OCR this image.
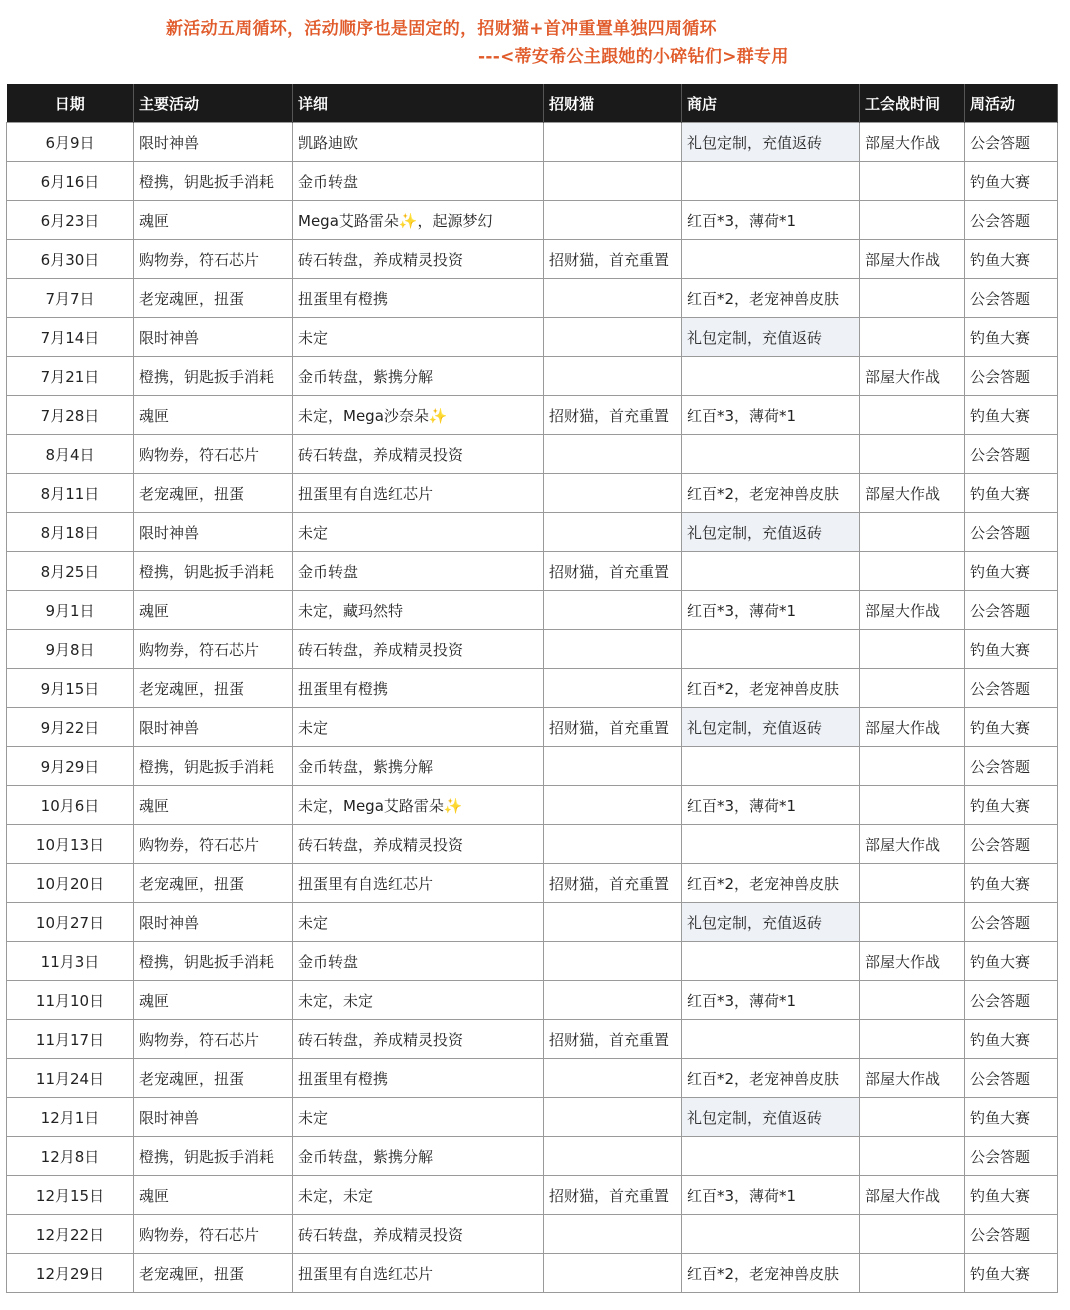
新活动五周循环，活动顺序也是固定的，招财猫+首冲重置单独四周循环
---<蒂安希公主跟她的小碎钻们>群专用
日期	主要活动	详细	招财猫	商店	工会战时间	周活动
6月9日	限时神兽	凯路迪欧		礼包定制，充值返砖	部屋大作战	公会答题
6月16日	橙携，钥匙扳手消耗	金币转盘				钓鱼大赛
6月23日	魂匣	Mega艾路雷朵✨，起源梦幻		红百*3，薄荷*1		公会答题
6月30日	购物券，符石芯片	砖石转盘，养成精灵投资	招财猫，首充重置		部屋大作战	钓鱼大赛
7月7日	老宠魂匣，扭蛋	扭蛋里有橙携		红百*2，老宠神兽皮肤		公会答题
7月14日	限时神兽	未定		礼包定制，充值返砖		钓鱼大赛
7月21日	橙携，钥匙扳手消耗	金币转盘，紫携分解			部屋大作战	公会答题
7月28日	魂匣	未定，Mega沙奈朵✨	招财猫，首充重置	红百*3，薄荷*1		钓鱼大赛
8月4日	购物券，符石芯片	砖石转盘，养成精灵投资				公会答题
8月11日	老宠魂匣，扭蛋	扭蛋里有自选红芯片		红百*2，老宠神兽皮肤	部屋大作战	钓鱼大赛
8月18日	限时神兽	未定		礼包定制，充值返砖		公会答题
8月25日	橙携，钥匙扳手消耗	金币转盘	招财猫，首充重置			钓鱼大赛
9月1日	魂匣	未定，藏玛然特		红百*3，薄荷*1	部屋大作战	公会答题
9月8日	购物券，符石芯片	砖石转盘，养成精灵投资				钓鱼大赛
9月15日	老宠魂匣，扭蛋	扭蛋里有橙携		红百*2，老宠神兽皮肤		公会答题
9月22日	限时神兽	未定	招财猫，首充重置	礼包定制，充值返砖	部屋大作战	钓鱼大赛
9月29日	橙携，钥匙扳手消耗	金币转盘，紫携分解				公会答题
10月6日	魂匣	未定，Mega艾路雷朵✨		红百*3，薄荷*1		钓鱼大赛
10月13日	购物券，符石芯片	砖石转盘，养成精灵投资			部屋大作战	公会答题
10月20日	老宠魂匣，扭蛋	扭蛋里有自选红芯片	招财猫，首充重置	红百*2，老宠神兽皮肤		钓鱼大赛
10月27日	限时神兽	未定		礼包定制，充值返砖		公会答题
11月3日	橙携，钥匙扳手消耗	金币转盘			部屋大作战	钓鱼大赛
11月10日	魂匣	未定，未定		红百*3，薄荷*1		公会答题
11月17日	购物券，符石芯片	砖石转盘，养成精灵投资	招财猫，首充重置			钓鱼大赛
11月24日	老宠魂匣，扭蛋	扭蛋里有橙携		红百*2，老宠神兽皮肤	部屋大作战	公会答题
12月1日	限时神兽	未定		礼包定制，充值返砖		钓鱼大赛
12月8日	橙携，钥匙扳手消耗	金币转盘，紫携分解				公会答题
12月15日	魂匣	未定，未定	招财猫，首充重置	红百*3，薄荷*1	部屋大作战	钓鱼大赛
12月22日	购物券，符石芯片	砖石转盘，养成精灵投资				公会答题
12月29日	老宠魂匣，扭蛋	扭蛋里有自选红芯片		红百*2，老宠神兽皮肤		钓鱼大赛
